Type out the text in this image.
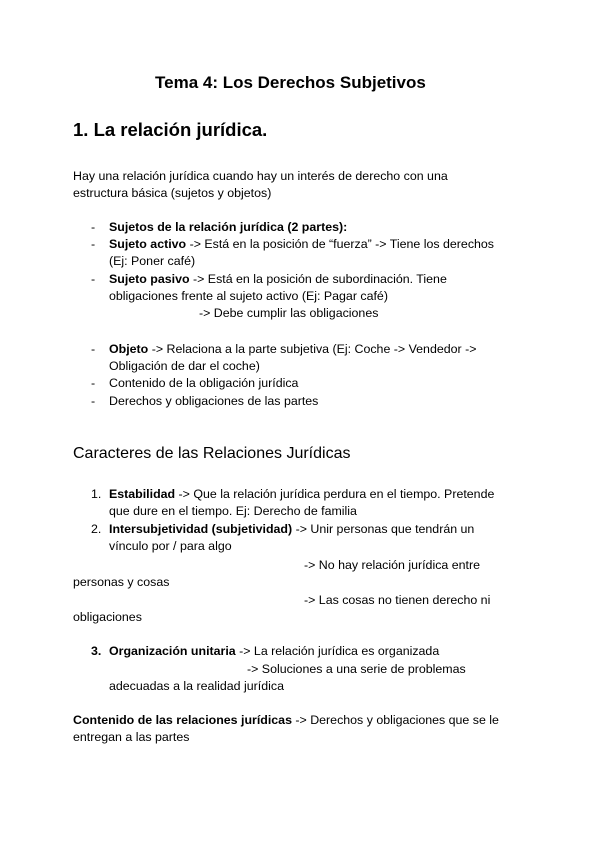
Tema 4: Los Derechos Subjetivos
1. La relación jurídica.
Hay una relación jurídica cuando hay un interés de derecho con una
estructura básica (sujetos y objetos)
- Sujetos de la relación jurídica (2 partes):
- Sujeto activo -> Está en la posición de “fuerza” -> Tiene los derechos
(Ej: Poner café)
- Sujeto pasivo -> Está en la posición de subordinación. Tiene
obligaciones frente al sujeto activo (Ej: Pagar café)
-> Debe cumplir las obligaciones
- Objeto -> Relaciona a la parte subjetiva (Ej: Coche -> Vendedor ->
Obligación de dar el coche)
- Contenido de la obligación jurídica
- Derechos y obligaciones de las partes
Caracteres de las Relaciones Jurídicas
1. Estabilidad -> Que la relación jurídica perdura en el tiempo. Pretende
que dure en el tiempo. Ej: Derecho de familia
2. Intersubjetividad (subjetividad) -> Unir personas que tendrán un
vínculo por / para algo
-> No hay relación jurídica entre
personas y cosas
-> Las cosas no tienen derecho ni
obligaciones
3. Organización unitaria -> La relación jurídica es organizada
-> Soluciones a una serie de problemas
adecuadas a la realidad jurídica
Contenido de las relaciones jurídicas -> Derechos y obligaciones que se le
entregan a las partes
